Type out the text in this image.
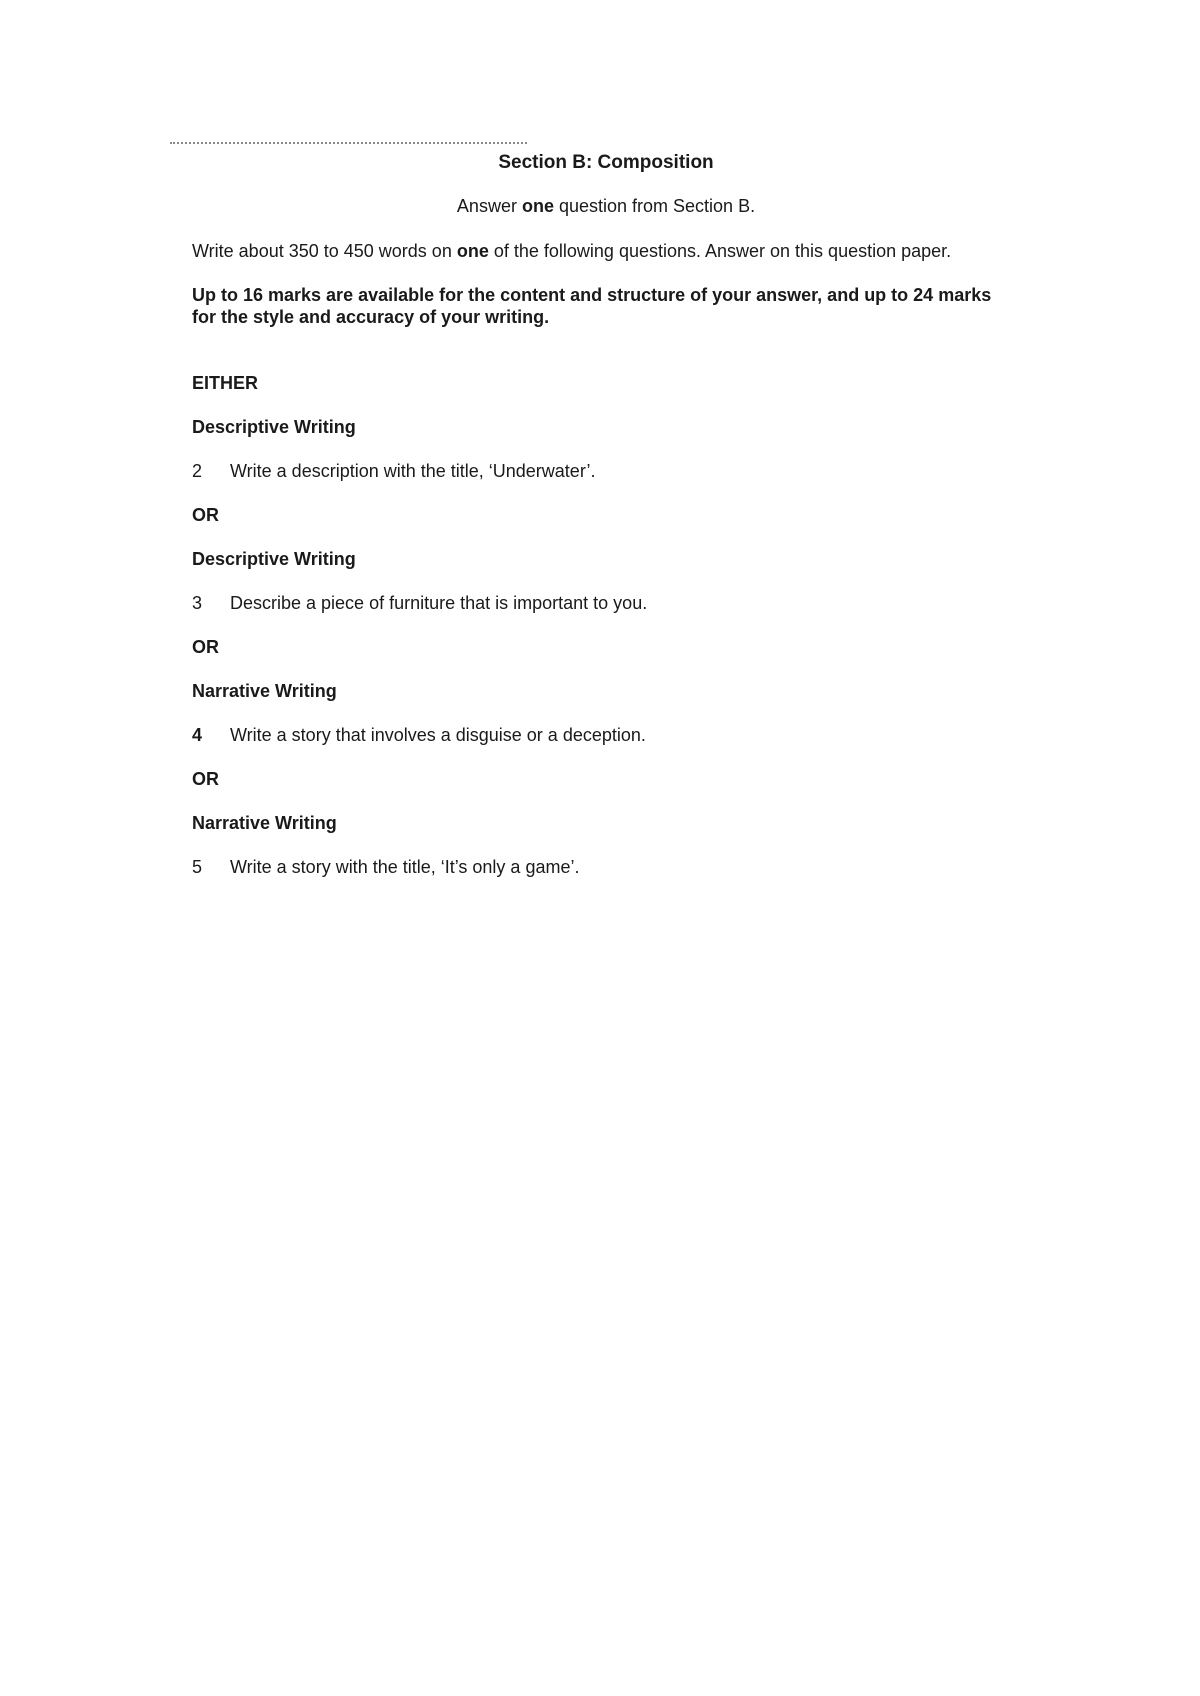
Section B: Composition
Answer one question from Section B.
Write about 350 to 450 words on one of the following questions. Answer on this question paper.
Up to 16 marks are available for the content and structure of your answer, and up to 24 marks
for the style and accuracy of your writing.
EITHER
Descriptive Writing
2 Write a description with the title, ‘Underwater’.
OR
Descriptive Writing
3 Describe a piece of furniture that is important to you.
OR
Narrative Writing
4 Write a story that involves a disguise or a deception.
OR
Narrative Writing
5 Write a story with the title, ‘It’s only a game’.
